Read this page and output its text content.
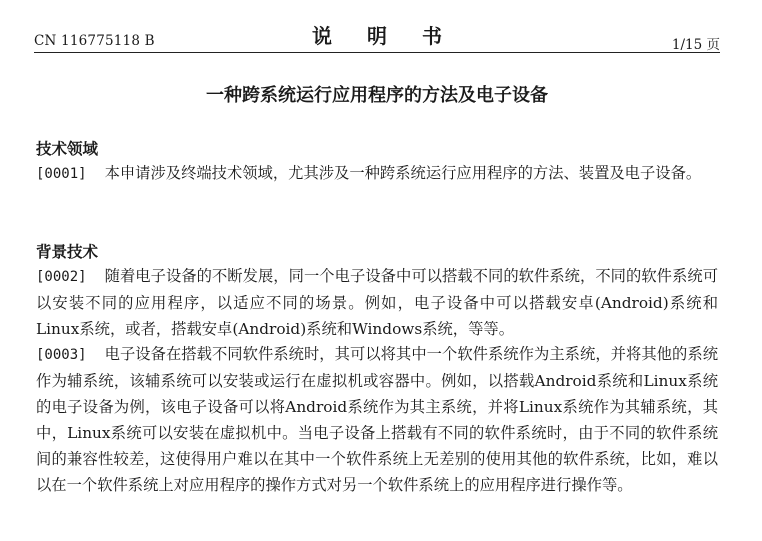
CN 116775118 B	说 明 书	1/15 页
一种跨系统运行应用程序的方法及电子设备
技术领域
[0001] 本申请涉及终端技术领域，尤其涉及一种跨系统运行应用程序的方法、装置及电子设备。
背景技术
[0002] 随着电子设备的不断发展，同一个电子设备中可以搭载不同的软件系统，不同的软件系统可以安装不同的应用程序，以适应不同的场景。例如，电子设备中可以搭载安卓(Android)系统和Linux系统，或者，搭载安卓(Android)系统和Windows系统，等等。
[0003] 电子设备在搭载不同软件系统时，其可以将其中一个软件系统作为主系统，并将其他的系统作为辅系统，该辅系统可以安装或运行在虚拟机或容器中。例如，以搭载Android系统和Linux系统的电子设备为例，该电子设备可以将Android系统作为其主系统，并将Linux系统作为其辅系统，其中，Linux系统可以安装在虚拟机中。当电子设备上搭载有不同的软件系统时，由于不同的软件系统间的兼容性较差，这使得用户难以在其中一个软件系统上无差别的使用其他的软件系统，比如，难以以在一个软件系统上对应用程序的操作方式对另一个软件系统上的应用程序进行操作等。
